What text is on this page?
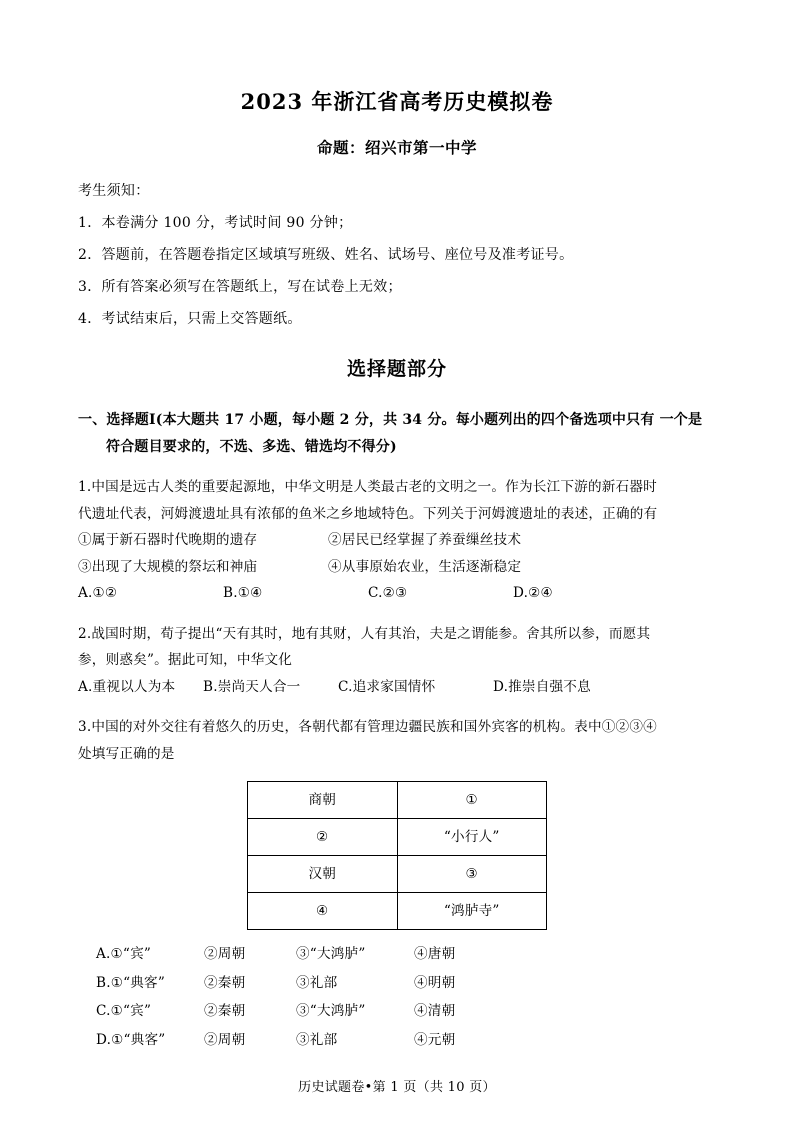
2023 年浙江省高考历史模拟卷
命题：绍兴市第一中学
考生须知：
1．本卷满分 100 分，考试时间 90 分钟；
2．答题前，在答题卷指定区域填写班级、姓名、试场号、座位号及准考证号。
3．所有答案必须写在答题纸上，写在试卷上无效；
4．考试结束后，只需上交答题纸。
选择题部分
一、选择题Ⅰ(本大题共 17 小题，每小题 2 分，共 34 分。每小题列出的四个备选项中只有 一个是
符合题目要求的，不选、多选、错选均不得分)
1.中国是远古人类的重要起源地，中华文明是人类最古老的文明之一。作为长江下游的新石器时
代遗址代表，河姆渡遗址具有浓郁的鱼米之乡地域特色。下列关于河姆渡遗址的表述，正确的有
①属于新石器时代晚期的遗存	②居民已经掌握了养蚕缫丝技术
③出现了大规模的祭坛和神庙	④从事原始农业，生活逐渐稳定
A.①②	B.①④	C.②③	D.②④
2.战国时期，荀子提出“天有其时，地有其财，人有其治，夫是之谓能参。舍其所以参，而愿其
参，则惑矣”。据此可知，中华文化
A.重视以人为本	B.崇尚天人合一	C.追求家国情怀	D.推崇自强不息
3.中国的对外交往有着悠久的历史，各朝代都有管理边疆民族和国外宾客的机构。表中①②③④
处填写正确的是
商朝	①
②	“小行人”
汉朝	③
④	“鸿胪寺”
A.①“宾”	②周朝	③“大鸿胪”	④唐朝
B.①“典客”	②秦朝	③礼部	④明朝
C.①“宾”	②秦朝	③“大鸿胪”	④清朝
D.①“典客”	②周朝	③礼部	④元朝
历史试题卷•第 1 页（共 10 页）
